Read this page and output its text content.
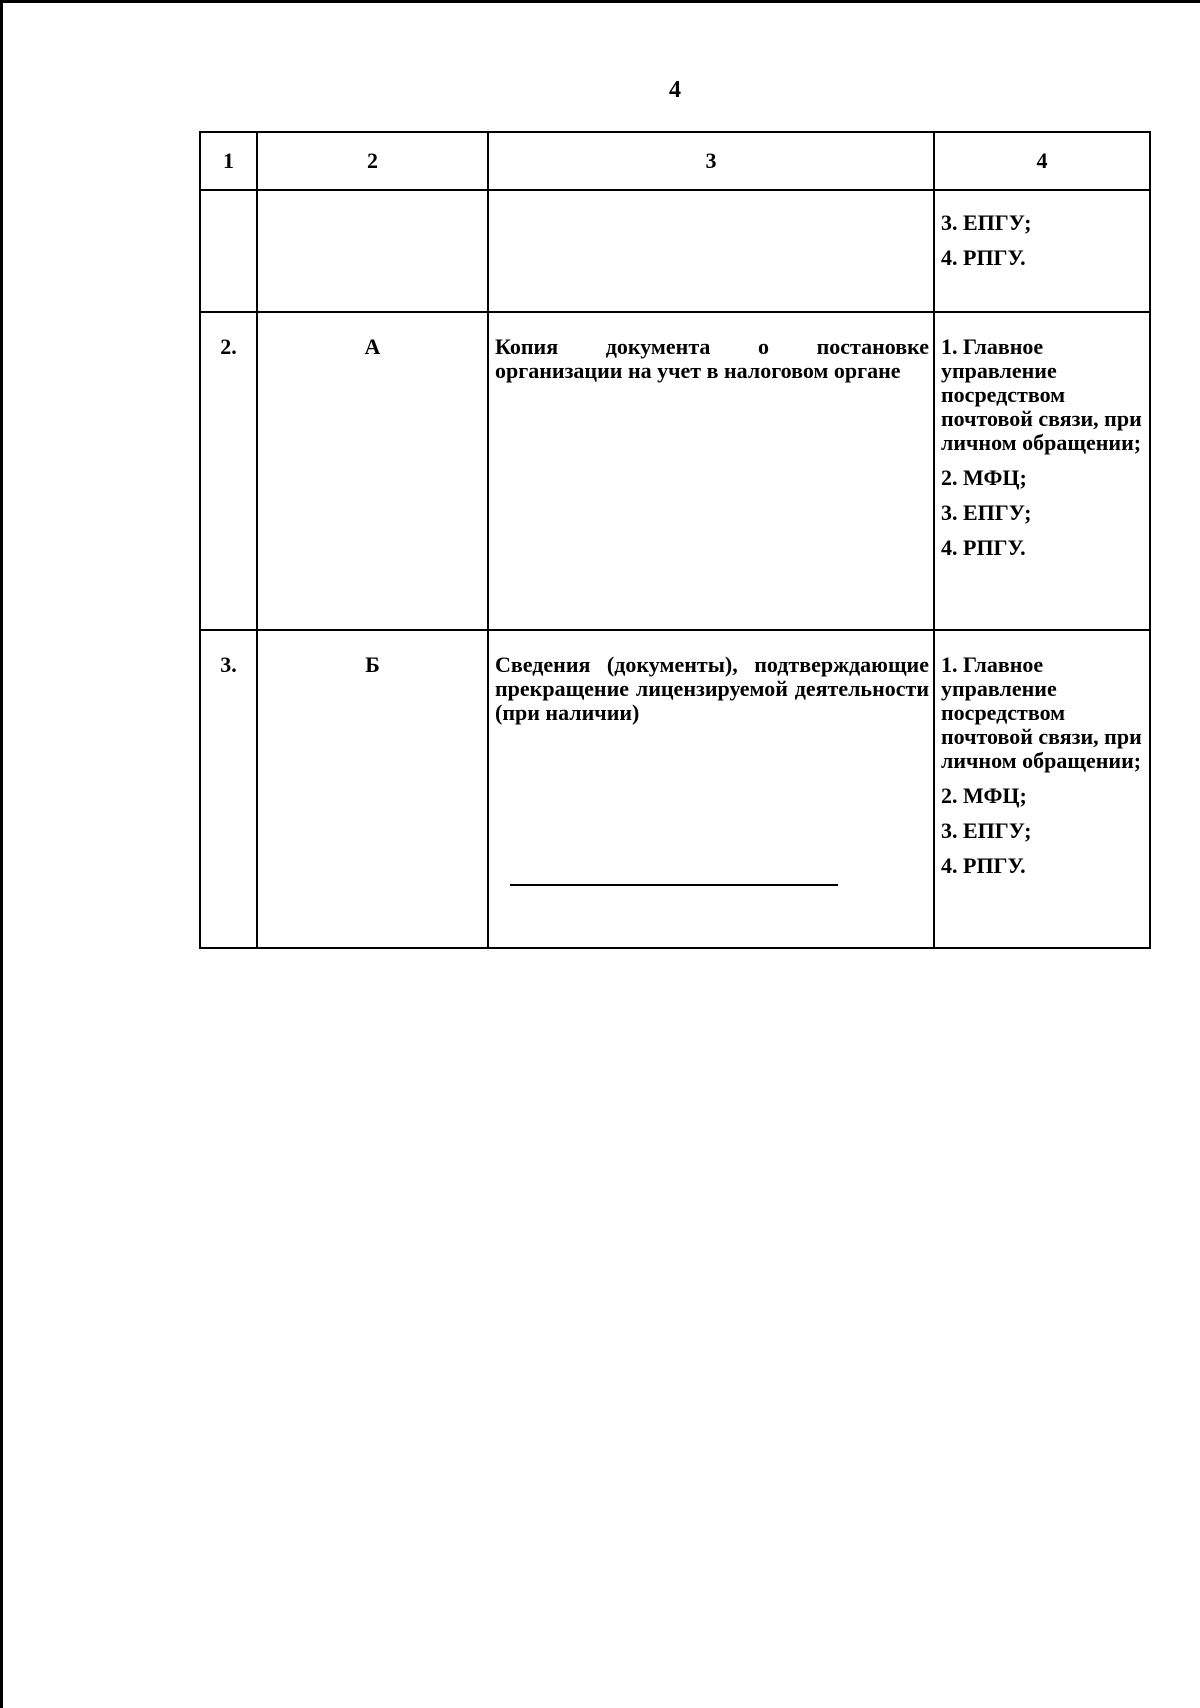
4
1	2	3	4

			3. ЕПГУ;
4. РПГУ.

2.	А	Копия документа о постановке организации на учет в налоговом органе	1. Главное управление посредством почтовой связи, при личном обращении;
2. МФЦ;
3. ЕПГУ;
4. РПГУ.

3.	Б	Сведения (документы), подтверждающие прекращение лицензируемой деятельности (при наличии)	1. Главное управление посредством почтовой связи, при личном обращении;
2. МФЦ;
3. ЕПГУ;
4. РПГУ.
